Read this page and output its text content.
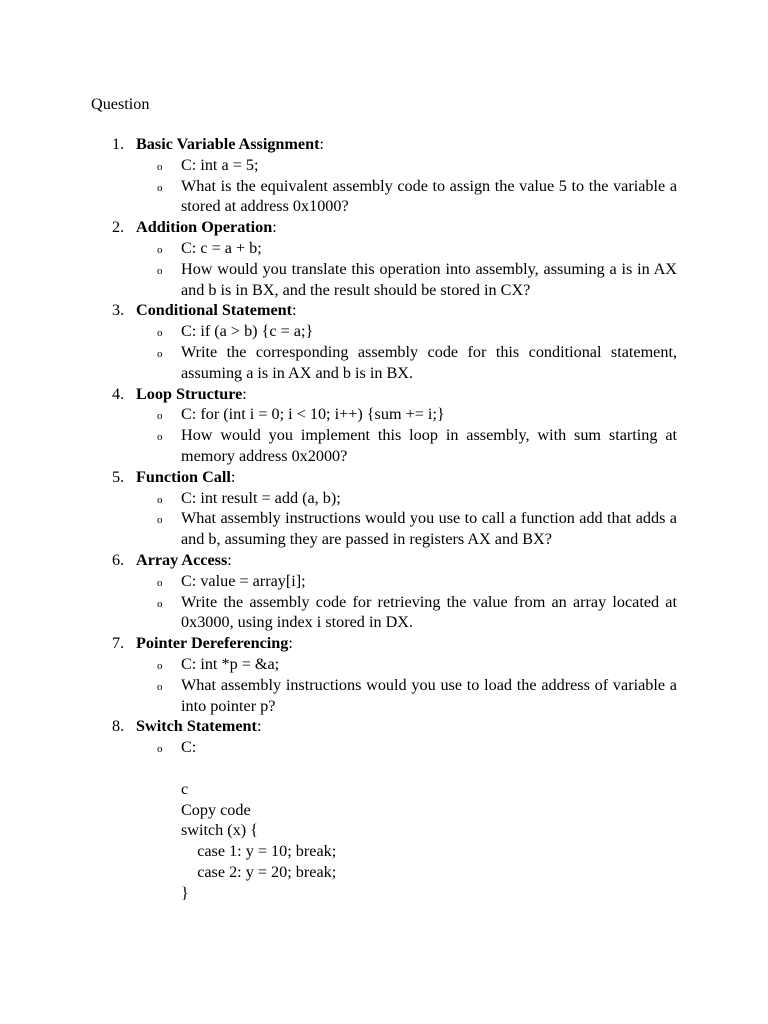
Question
1. Basic Variable Assignment:
o C: int a = 5;
o What is the equivalent assembly code to assign the value 5 to the variable a stored at address 0x1000?
2. Addition Operation:
o C: c = a + b;
o How would you translate this operation into assembly, assuming a is in AX and b is in BX, and the result should be stored in CX?
3. Conditional Statement:
o C: if (a > b) {c = a;}
o Write the corresponding assembly code for this conditional statement, assuming a is in AX and b is in BX.
4. Loop Structure:
o C: for (int i = 0; i < 10; i++) {sum += i;}
o How would you implement this loop in assembly, with sum starting at memory address 0x2000?
5. Function Call:
o C: int result = add (a, b);
o What assembly instructions would you use to call a function add that adds a and b, assuming they are passed in registers AX and BX?
6. Array Access:
o C: value = array[i];
o Write the assembly code for retrieving the value from an array located at 0x3000, using index i stored in DX.
7. Pointer Dereferencing:
o C: int *p = &a;
o What assembly instructions would you use to load the address of variable a into pointer p?
8. Switch Statement:
o C:
c
Copy code
switch (x) {
case 1: y = 10; break;
case 2: y = 20; break;
}
